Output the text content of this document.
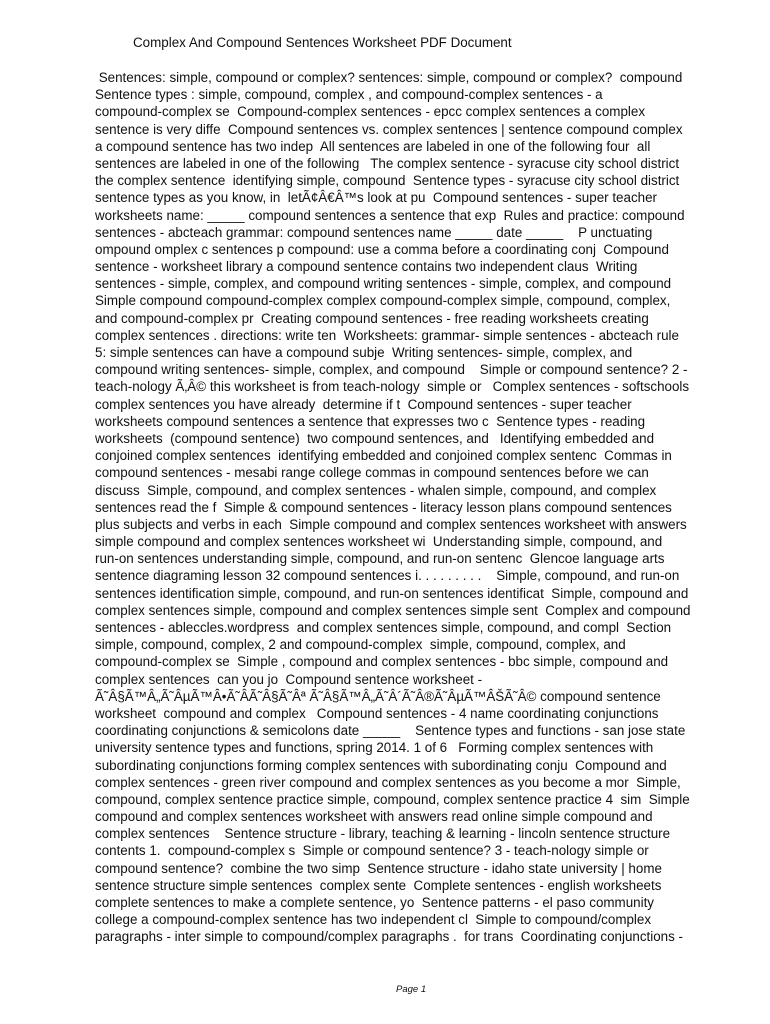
Complex And Compound Sentences Worksheet PDF Document
Sentences: simple, compound or complex? sentences: simple, compound or complex?  compound
Sentence types : simple, compound, complex , and compound-complex sentences - a
compound-complex se  Compound-complex sentences - epcc complex sentences a complex
sentence is very diffe  Compound sentences vs. complex sentences | sentence compound complex
a compound sentence has two indep  All sentences are labeled in one of the following four  all
sentences are labeled in one of the following   The complex sentence - syracuse city school district
the complex sentence  identifying simple, compound  Sentence types - syracuse city school district
sentence types as you know, in  letÃ¢Â€Â™s look at pu  Compound sentences - super teacher
worksheets name: _____ compound sentences a sentence that exp  Rules and practice: compound
sentences - abcteach grammar: compound sentences name _____ date _____    P unctuating
ompound omplex c sentences p compound: use a comma before a coordinating conj  Compound
sentence - worksheet library a compound sentence contains two independent claus  Writing
sentences - simple, complex, and compound writing sentences - simple, complex, and compound
Simple compound compound-complex complex compound-complex simple, compound, complex,
and compound-complex pr  Creating compound sentences - free reading worksheets creating
complex sentences . directions: write ten  Worksheets: grammar- simple sentences - abcteach rule
5: simple sentences can have a compound subje  Writing sentences- simple, complex, and
compound writing sentences- simple, complex, and compound    Simple or compound sentence? 2 -
teach-nology Ã‚Â© this worksheet is from teach-nology  simple or   Complex sentences - softschools
complex sentences you have already  determine if t  Compound sentences - super teacher
worksheets compound sentences a sentence that expresses two c  Sentence types - reading
worksheets  (compound sentence)  two compound sentences, and   Identifying embedded and
conjoined complex sentences  identifying embedded and conjoined complex sentenc  Commas in
compound sentences - mesabi range college commas in compound sentences before we can
discuss  Simple, compound, and complex sentences - whalen simple, compound, and complex
sentences read the f  Simple & compound sentences - literacy lesson plans compound sentences
plus subjects and verbs in each  Simple compound and complex sentences worksheet with answers
simple compound and complex sentences worksheet wi  Understanding simple, compound, and
run-on sentences understanding simple, compound, and run-on sentenc  Glencoe language arts
sentence diagraming lesson 32 compound sentences i. . . . . . . . .    Simple, compound, and run-on
sentences identification simple, compound, and run-on sentences identificat  Simple, compound and
complex sentences simple, compound and complex sentences simple sent  Complex and compound
sentences - ableccles.wordpress  and complex sentences simple, compound, and compl  Section
simple, compound, complex, 2 and compound-complex  simple, compound, complex, and
compound-complex se  Simple , compound and complex sentences - bbc simple, compound and
complex sentences  can you jo  Compound sentence worksheet -
Ã˜Â§Ã™Â„Ã˜ÂµÃ™Â•Ã˜ÂÃ˜Â§Ã˜Âª Ã˜Â§Ã™Â„Ã˜Â´Ã˜Â®Ã˜ÂµÃ™ÂŠÃ˜Â© compound sentence
worksheet  compound and complex   Compound sentences - 4 name coordinating conjunctions
coordinating conjunctions & semicolons date _____    Sentence types and functions - san jose state
university sentence types and functions, spring 2014. 1 of 6   Forming complex sentences with
subordinating conjunctions forming complex sentences with subordinating conju  Compound and
complex sentences - green river compound and complex sentences as you become a mor  Simple,
compound, complex sentence practice simple, compound, complex sentence practice 4  sim  Simple
compound and complex sentences worksheet with answers read online simple compound and
complex sentences    Sentence structure - library, teaching & learning - lincoln sentence structure
contents 1.  compound-complex s  Simple or compound sentence? 3 - teach-nology simple or
compound sentence?  combine the two simp  Sentence structure - idaho state university | home
sentence structure simple sentences  complex sente  Complete sentences - english worksheets
complete sentences to make a complete sentence, yo  Sentence patterns - el paso community
college a compound-complex sentence has two independent cl  Simple to compound/complex
paragraphs - inter simple to compound/complex paragraphs .  for trans  Coordinating conjunctions -
Page 1
